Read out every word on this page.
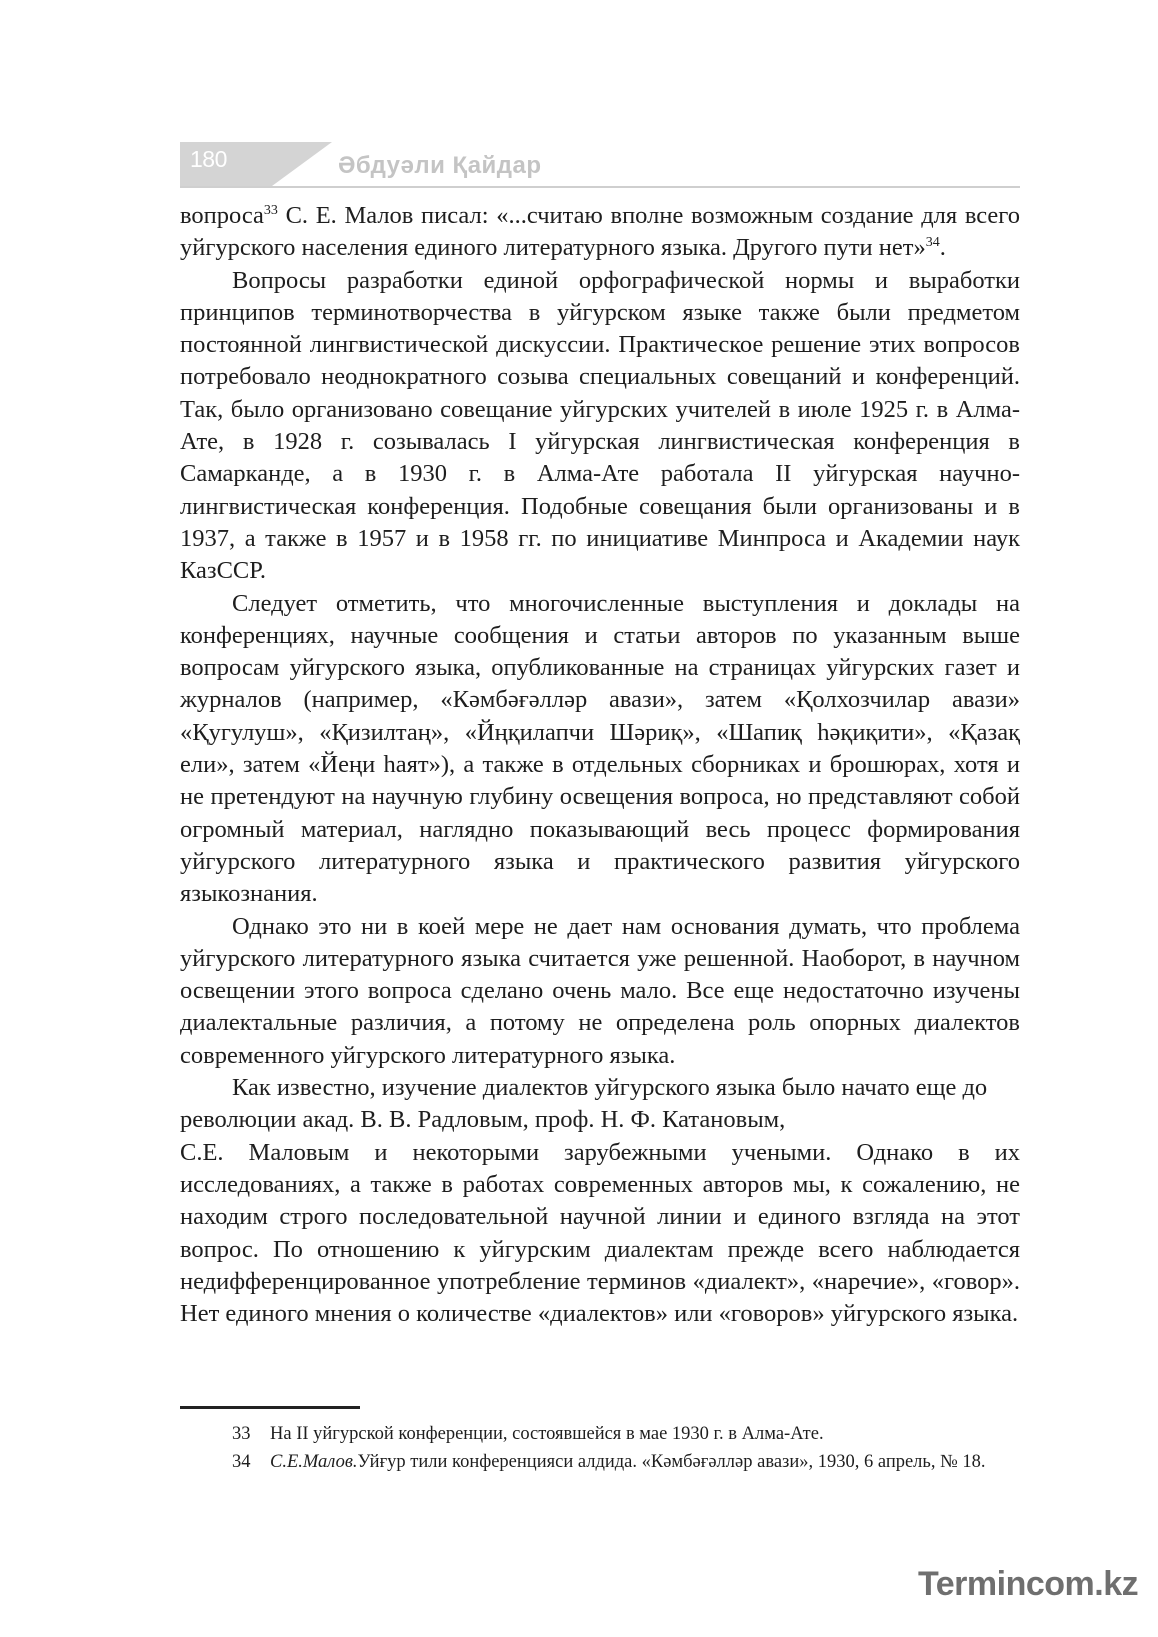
180	Әбдуәли Қайдар

вопроса$^{33}$ С. Е. Малов писал: «...считаю вполне возможным создание для всего уйгурского населения единого литературного языка. Другого пути нет»$^{34}$.

Вопросы разработки единой орфографической нормы и выработки принципов терминотворчества в уйгурском языке также были предметом постоянной лингвистической дискуссии. Практическое решение этих вопросов потребовало неоднократного созыва специальных совещаний и конференций. Так, было организовано совещание уйгурских учителей в июле 1925 г. в Алма-Ате, в 1928 г. созывалась I уйгурская лингвистическая конференция в Самарканде, а в 1930 г. в Алма-Ате работала II уйгурская научно-лингвистическая конференция. Подобные совещания были организованы и в 1937, а также в 1957 и в 1958 гг. по инициативе Минпроса и Академии наук КазССР.

Следует отметить, что многочисленные выступления и доклады на конференциях, научные сообщения и статьи авторов по указанным выше вопросам уйгурского языка, опубликованные на страницах уйгурских газет и журналов (например, «Кәмбәғәлләр авази», затем «Қолхозчилар авази» «Қугулуш», «Қизилтаң», «Йңқилапчи Шәриқ», «Шапиқ һәқиқити», «Қазақ ели», затем «Йеңи һаят»), а также в отдельных сборниках и брошюрах, хотя и не претендуют на научную глубину освещения вопроса, но представляют собой огромный материал, наглядно показывающий весь процесс формирования уйгурского литературного языка и практического развития уйгурского языкознания.

Однако это ни в коей мере не дает нам основания думать, что проблема уйгурского литературного языка считается уже решенной. Наоборот, в научном освещении этого вопроса сделано очень мало. Все еще недостаточно изучены диалектальные различия, а потому не определена роль опорных диалектов современного уйгурского литературного языка.

Как известно, изучение диалектов уйгурского языка было начато еще до революции акад. В. В. Радловым, проф. Н. Ф. Катановым,

С.Е. Маловым и некоторыми зарубежными учеными. Однако в их исследованиях, а также в работах современных авторов мы, к сожалению, не находим строго последовательной научной линии и единого взгляда на этот вопрос. По отношению к уйгурским диалектам прежде всего наблюдается недифференцированное употребление терминов «диалект», «наречие», «говор». Нет единого мнения о количестве «диалектов» или «говоров» уйгурского языка.

33 На II уйгурской конференции, состоявшейся в мае 1930 г. в Алма-Ате.

34 С.Е.Малов.Уйғур тили конференцияси алдида. «Кәмбәғәлләр авази», 1930, 6 апрель, № 18.

Termincom.kz
